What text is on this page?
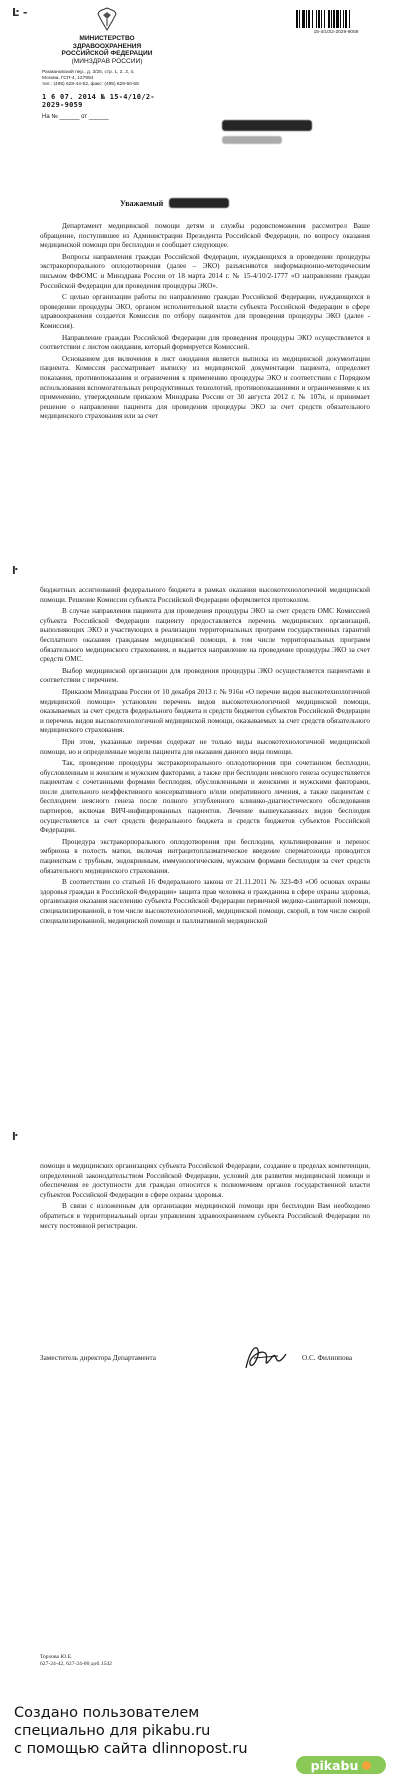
Ŀ -
МИНИСТЕРСТВО
ЗДРАВООХРАНЕНИЯ
РОССИЙСКОЙ ФЕДЕРАЦИИ
(МИНЗДРАВ РОССИИ)
Рахмановский пер., д. 3/25, стр. 1, 2, 3, 4,
Москва, ГСП-4, 127994
тел.: (495) 628-44-53, факс: (495) 628-50-58
1 6 07. 2014 № 15-4/10/2-2029-9059
На № ______ от ______
15-4/10/2-2029-9059
Уважаемый

Департамент медицинской помощи детям и службы родовспоможения рассмотрел Ваше обращение, поступившее из Администрации Президента Российской Федерации, по вопросу оказания медицинской помощи при бесплодии и сообщает следующее.

Вопросы направления граждан Российской Федерации, нуждающихся в проведении процедуры экстракорпорального оплодотворения (далее – ЭКО) разъясняются информационно-методическим письмом ФФОМС и Минздрава России от 18 марта 2014 г. № 15-4/10/2-1777 «О направлении граждан Российской Федерации для проведения процедуры ЭКО».

С целью организации работы по направлению граждан Российской Федерации, нуждающихся в проведении процедуры ЭКО, органом исполнительной власти субъекта Российской Федерации в сфере здравоохранения создается Комиссия по отбору пациентов для проведения процедуры ЭКО (далее - Комиссия).

Направление граждан Российской Федерации для проведения процедуры ЭКО осуществляется в соответствии с листом ожидания, который формируется Комиссией.

Основанием для включения в лист ожидания является выписка из медицинской документации пациента. Комиссия рассматривает выписку из медицинской документации пациента, определяет показания, противопоказания и ограничения к применению процедуры ЭКО и соответствии с Порядком использования вспомогательных репродуктивных технологий, противопоказаниями и ограничениями к их применению, утвержденным приказом Минздрава России от 30 августа 2012 г. № 107н, и принимает решение о направлении пациента для проведения процедуры ЭКО за счет средств обязательного медицинского страхования или за счет

ŀ

бюджетных ассигнований федерального бюджета в рамках оказания высокотехнологичной медицинской помощи. Решение Комиссии субъекта Российской Федерации оформляется протоколом.

В случае направления пациента для проведения процедуры ЭКО за счет средств ОМС Комиссией субъекта Российской Федерации пациенту предоставляется перечень медицинских организаций, выполняющих ЭКО и участвующих в реализации территориальных программ государственных гарантий бесплатного оказания гражданам медицинской помощи, в том числе территориальных программ обязательного медицинского страхования, и выдается направление на проведение процедуры ЭКО за счет средств ОМС.

Выбор медицинской организации для проведения процедуры ЭКО осуществляется пациентами в соответствии с перечнем.

Приказом Минздрава России от 10 декабря 2013 г. № 916н «О перечне видов высокотехнологичной медицинской помощи» установлен перечень видов высокотехнологичной медицинской помощи, оказываемых за счет средств федерального бюджета и средств бюджетов субъектов Российской Федерации и перечень видов высокотехнологичной медицинской помощи, оказываемых за счет средств обязательного медицинского страхования.

При этом, указанные перечни содержат не только виды высокотехнологичной медицинской помощи, но и определенные модели пациента для оказания данного вида помощи.

Так, проведение процедуры экстракорпорального оплодотворения при сочетанном бесплодии, обусловленным и женским и мужским факторами, а также при бесплодии неясного генеза осуществляется пациентам с сочетанными формами бесплодия, обусловленными и женскими и мужскими факторами, после длительного неэффективного консервативного и/или оперативного лечения, а также пациентам с бесплодием неясного генеза после полного углубленного клинико-диагностического обследования партнеров, включая ВИЧ-инфицированных пациентов. Лечение вышеуказанных видов бесплодия осуществляется за счет средств федерального бюджета и средств бюджетов субъектов Российской Федерации.

Процедура экстракорпорального оплодотворения при бесплодии, культивирование и перенос эмбриона в полость матки, включая интрацитоплазматическое введение сперматозоида проводится пациенткам с трубным, эндокринным, иммунологическим, мужским формами бесплодия за счет средств обязательного медицинского страхования.

В соответствии со статьей 16 Федерального закона от 21.11.2011 № 323-ФЗ «Об основах охраны здоровья граждан в Российской Федерации» защита прав человека и гражданина в сфере охраны здоровья, организация оказания населению субъекта Российской Федерации первичной медико-санитарной помощи, специализированной, в том числе высокотехнологичной, медицинской помощи, скорой, в том числе скорой специализированной, медицинской помощи и паллиативной медицинской

ŀ

помощи в медицинских организациях субъекта Российской Федерации, создание в пределах компетенции, определенной законодательством Российской Федерации, условий для развития медицинской помощи и обеспечения ее доступности для граждан относится к полномочиям органов государственной власти субъектов Российской Федерации в сфере охраны здоровья.

В связи с изложенным для организации медицинской помощи при бесплодии Вам необходимо обратиться в территориальный орган управления здравоохранением субъекта Российской Федерации по месту постоянной регистрации.

Заместитель директора Департамента	О.С. Филиппова
Торхова Ю.Е.
627-24-42, 627-24-00 доб.1542
Создано пользователем
специально для pikabu.ru
с помощью сайта dlinnopost.ru
pikabu
